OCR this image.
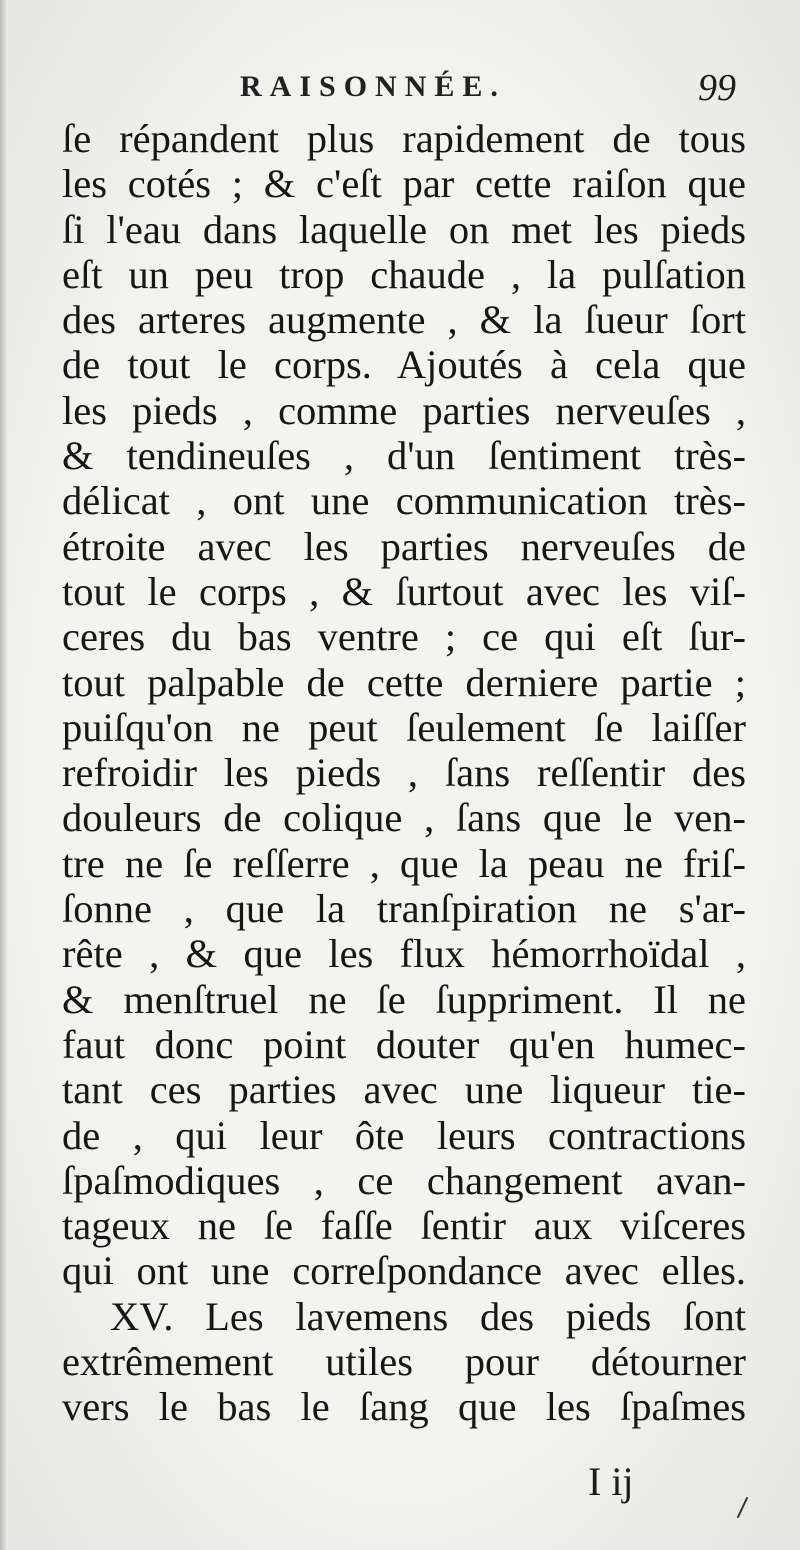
RAISONNÉE.	99
ſe répandent plus rapidement de tous
les cotés ; & c'eſt par cette raiſon que
ſi l'eau dans laquelle on met les pieds
eſt un peu trop chaude , la pulſation
des arteres augmente , & la ſueur ſort
de tout le corps. Ajoutés à cela que
les pieds , comme parties nerveuſes ,
& tendineuſes , d'un ſentiment très-
délicat , ont une communication très-
étroite avec les parties nerveuſes de
tout le corps , & ſurtout avec les viſ-
ceres du bas ventre ; ce qui eſt ſur-
tout palpable de cette derniere partie ;
puiſqu'on ne peut ſeulement ſe laiſſer
refroidir les pieds , ſans reſſentir des
douleurs de colique , ſans que le ven-
tre ne ſe reſſerre , que la peau ne friſ-
ſonne , que la tranſpiration ne s'ar-
rête , & que les flux hémorrhoïdal ,
& menſtruel ne ſe ſuppriment. Il ne
faut donc point douter qu'en humec-
tant ces parties avec une liqueur tie-
de , qui leur ôte leurs contractions
ſpaſmodiques , ce changement avan-
tageux ne ſe faſſe ſentir aux viſceres
qui ont une correſpondance avec elles.
XV. Les lavemens des pieds ſont
extrêmement utiles pour détourner
vers le bas le ſang que les ſpaſmes
I ij
